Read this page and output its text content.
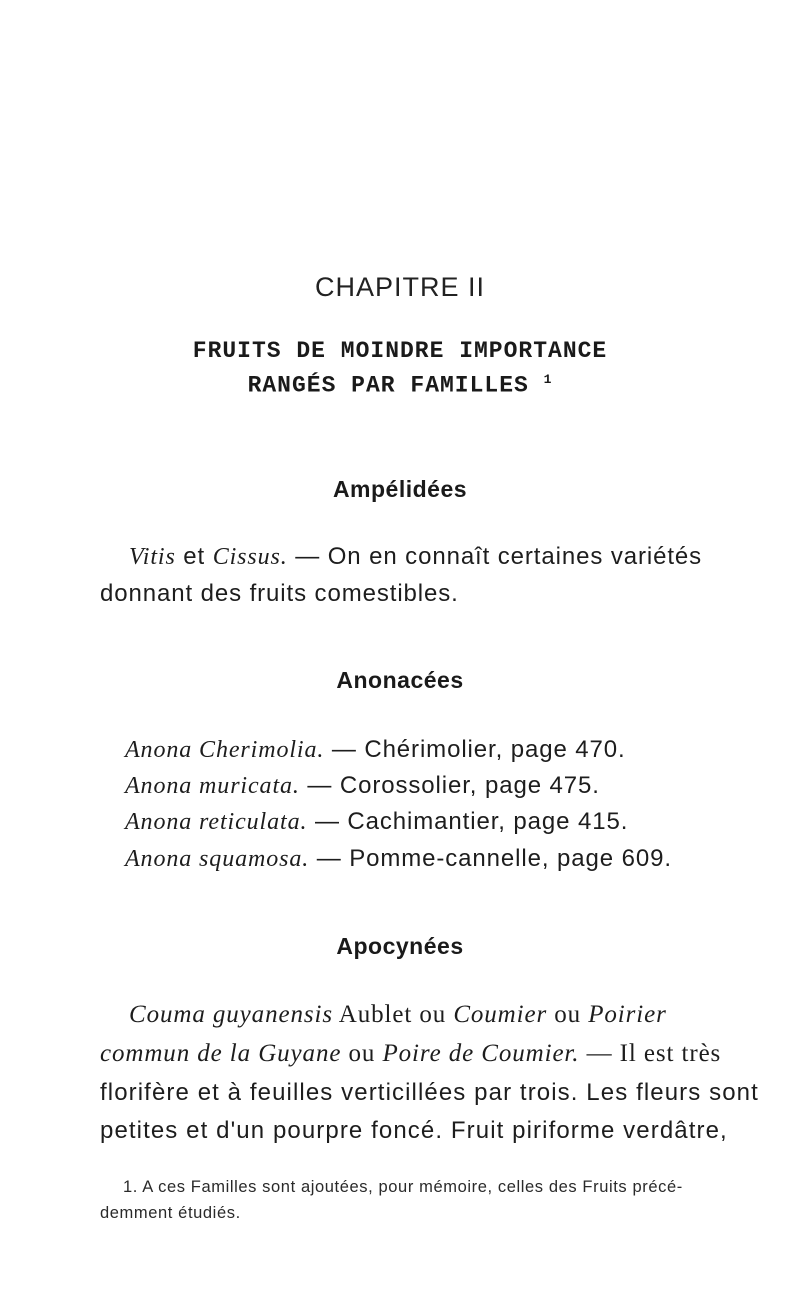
CHAPITRE II
FRUITS DE MOINDRE IMPORTANCE
RANGÉS PAR FAMILLES $^1$
Ampélidées
Vitis et Cissus. — On en connaît certaines variétés
donnant des fruits comestibles.
Anonacées
Anona Cherimolia. — Chérimolier, page 470.
Anona muricata. — Corossolier, page 475.
Anona reticulata. — Cachimantier, page 415.
Anona squamosa. — Pomme-cannelle, page 609.
Apocynées
Couma guyanensis Aublet ou Coumier ou Poirier
commun de la Guyane ou Poire de Coumier. — Il est très
florifère et à feuilles verticillées par trois. Les fleurs sont
petites et d'un pourpre foncé. Fruit piriforme verdâtre,
1. A ces Familles sont ajoutées, pour mémoire, celles des Fruits précé-
demment étudiés.
